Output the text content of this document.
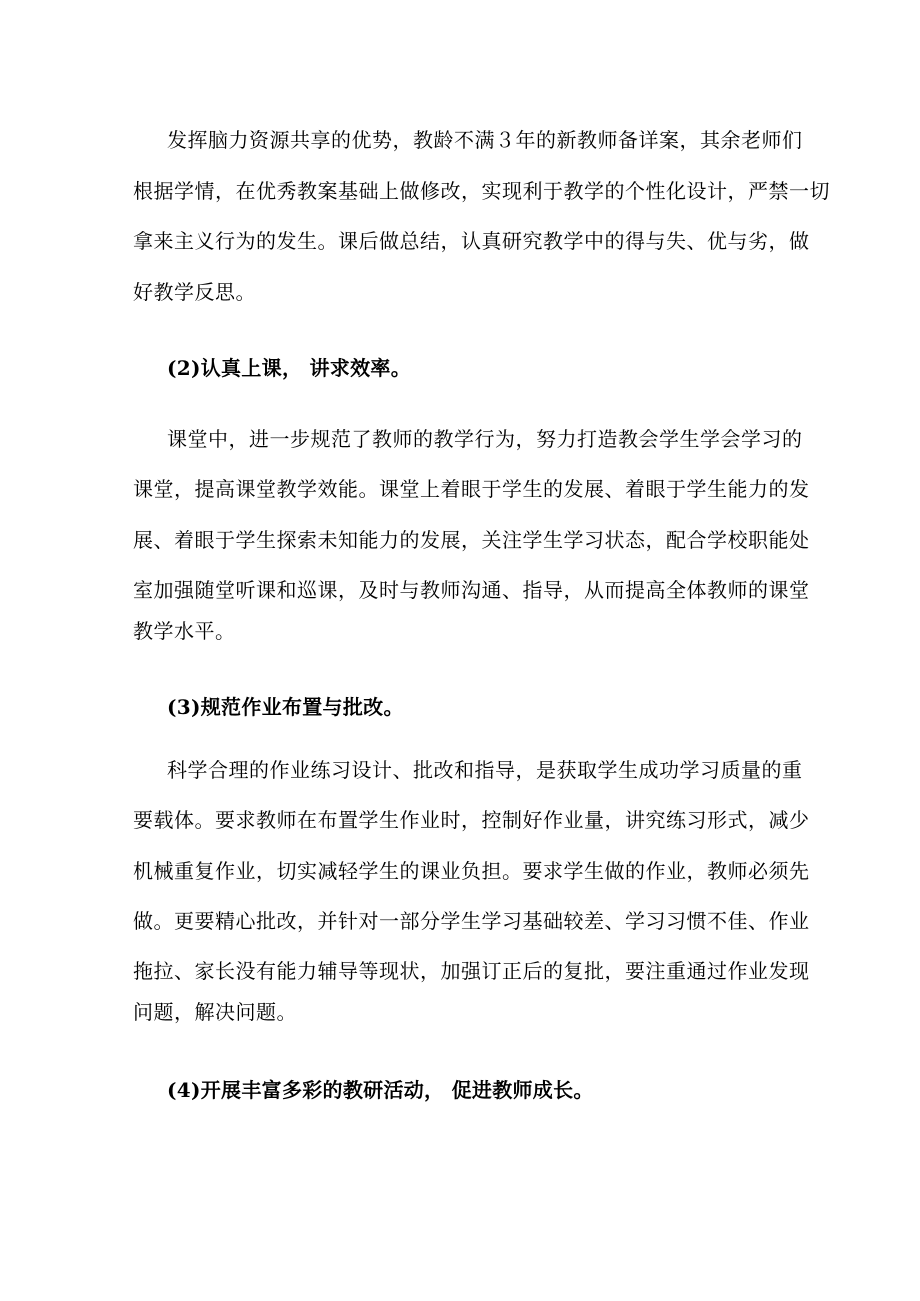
发挥脑力资源共享的优势，教龄不满３年的新教师备详案，其余老师们
根据学情，在优秀教案基础上做修改，实现利于教学的个性化设计，严禁一切
拿来主义行为的发生。课后做总结，认真研究教学中的得与失、优与劣，做
好教学反思。
(2)认真上课， 讲求效率。
课堂中，进一步规范了教师的教学行为，努力打造教会学生学会学习的
课堂，提高课堂教学效能。课堂上着眼于学生的发展、着眼于学生能力的发
展、着眼于学生探索未知能力的发展，关注学生学习状态，配合学校职能处
室加强随堂听课和巡课，及时与教师沟通、指导，从而提高全体教师的课堂
教学水平。
(3)规范作业布置与批改。
科学合理的作业练习设计、批改和指导，是获取学生成功学习质量的重
要载体。要求教师在布置学生作业时，控制好作业量，讲究练习形式，减少
机械重复作业，切实减轻学生的课业负担。要求学生做的作业，教师必须先
做。更要精心批改，并针对一部分学生学习基础较差、学习习惯不佳、作业
拖拉、家长没有能力辅导等现状，加强订正后的复批，要注重通过作业发现
问题，解决问题。
(4)开展丰富多彩的教研活动， 促进教师成长。
